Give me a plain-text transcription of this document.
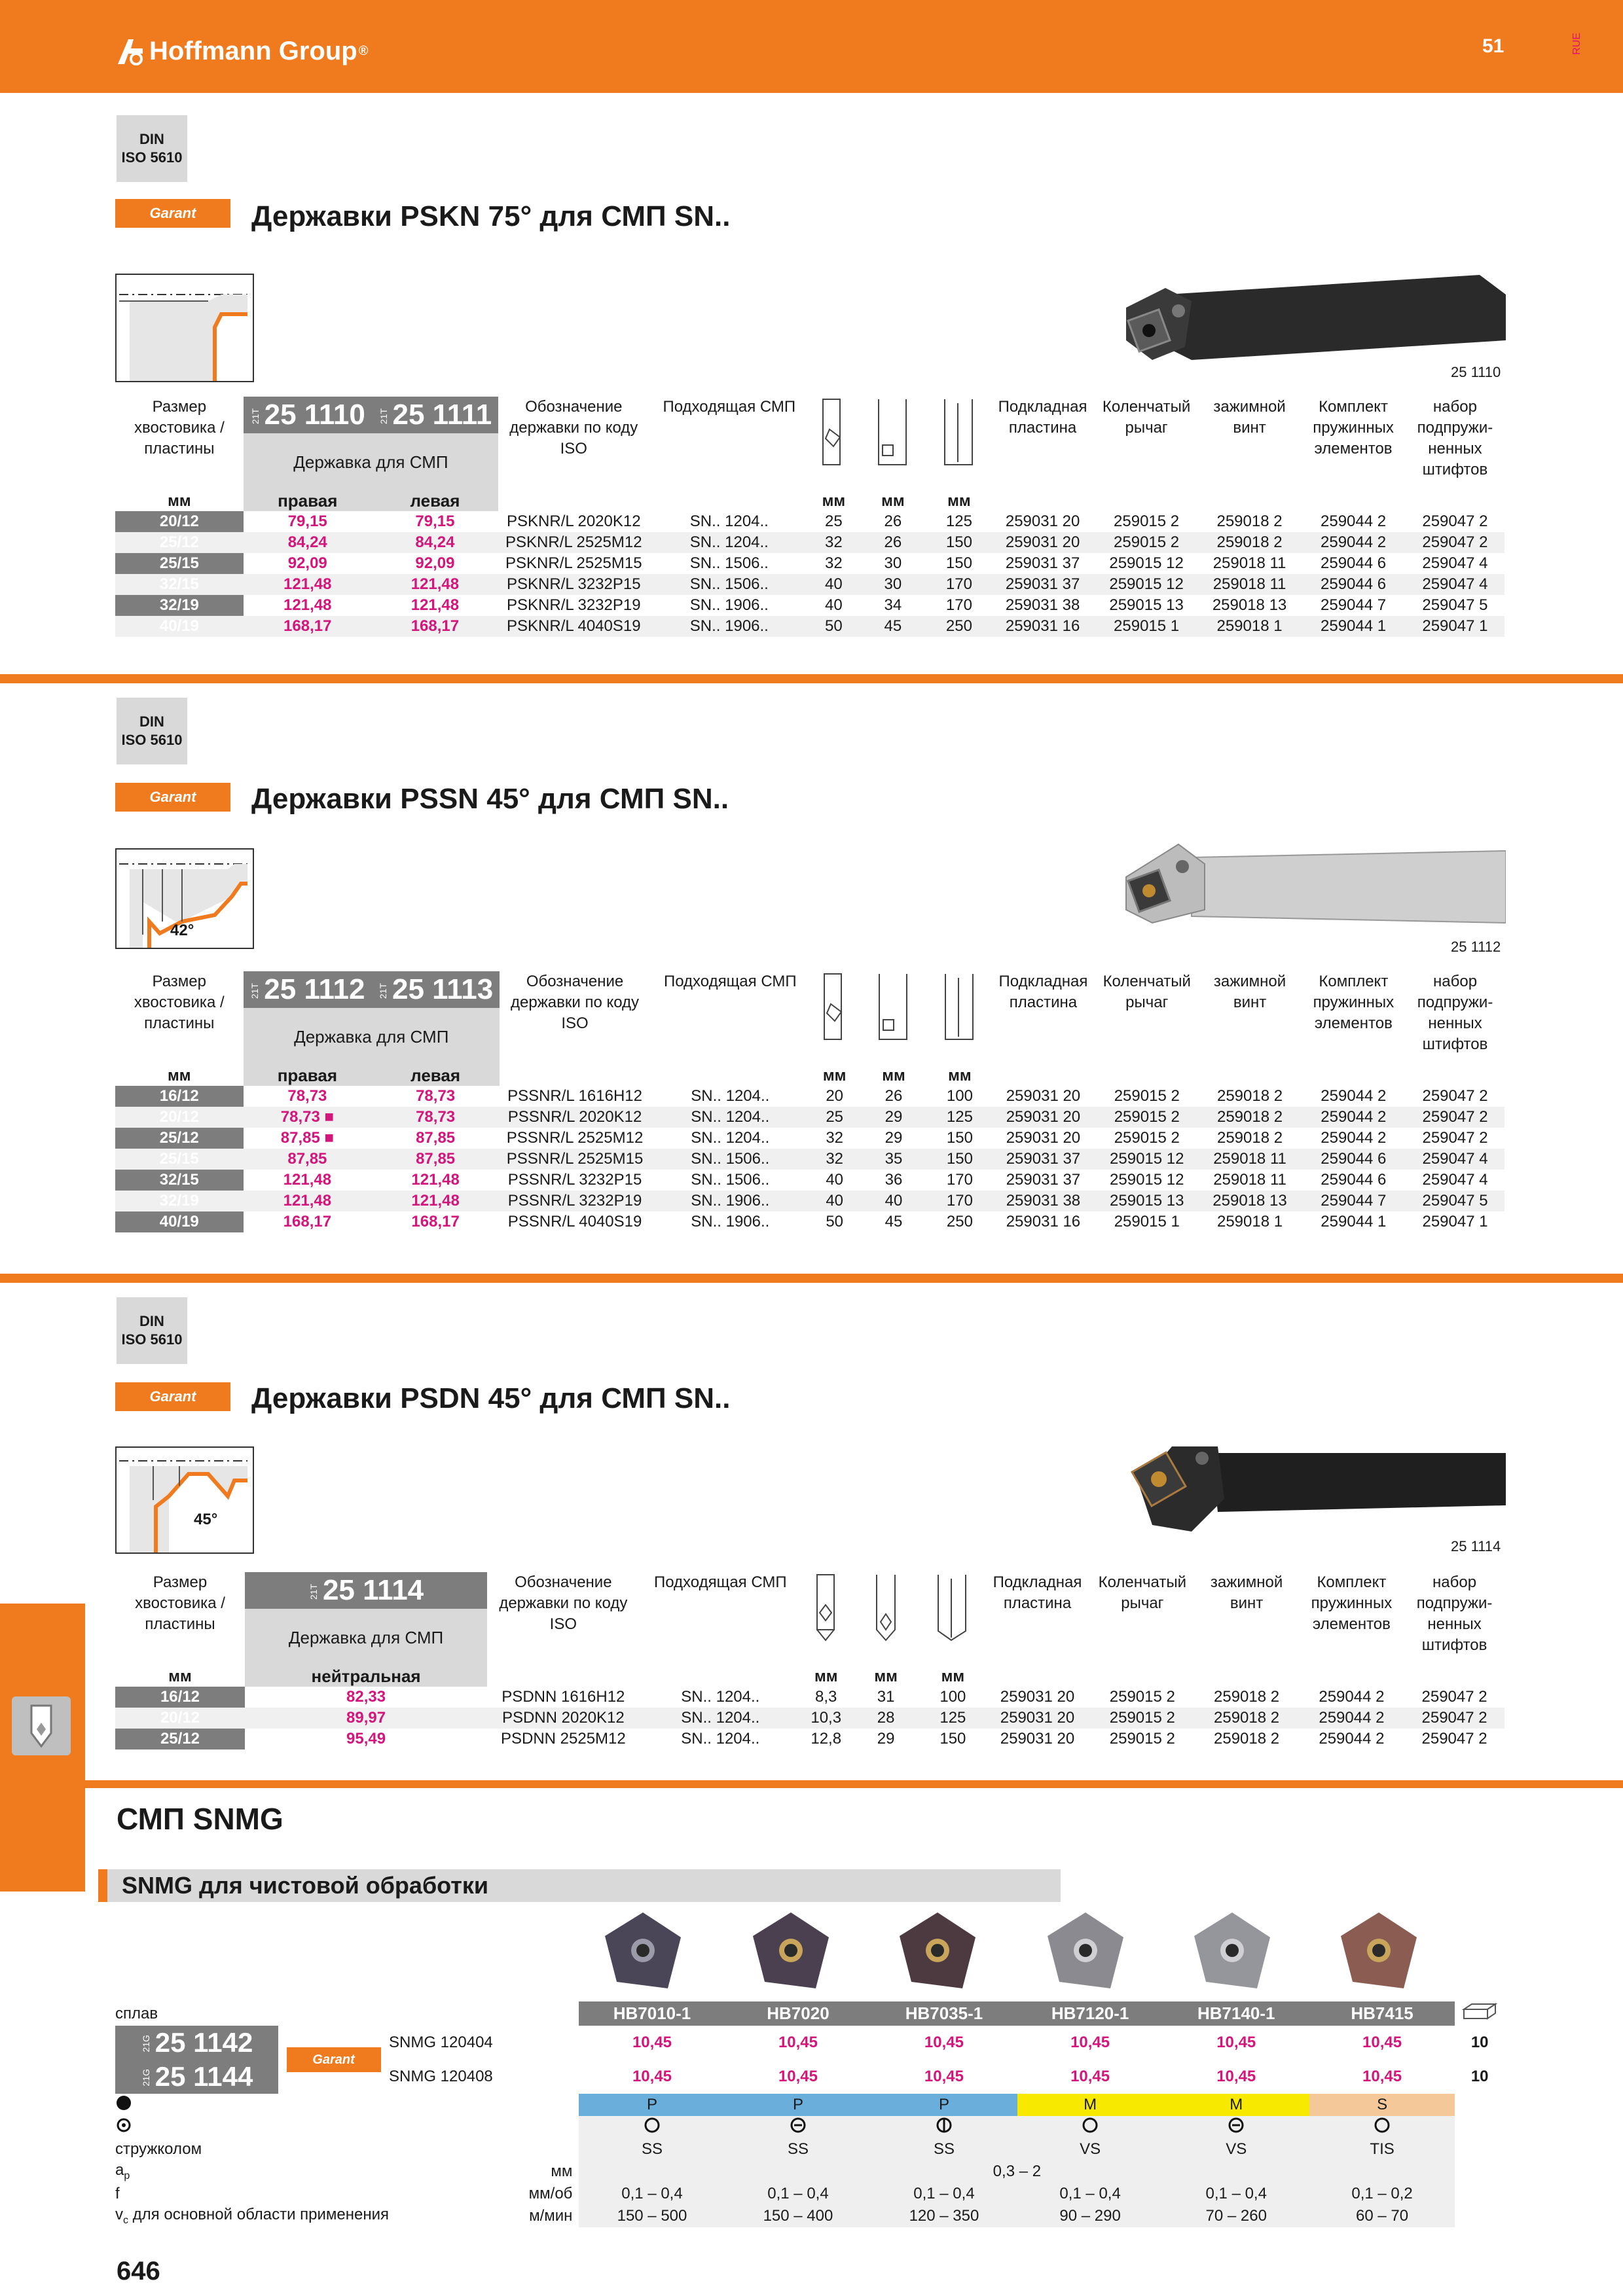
Hoffmann Group ®	51	RUE
DIN
ISO 5610
Garant Державки PSKN 75° для СМП SN..
25 1110
Размер хвостовика / пластины	21T 25 1110	21T 25 1111	Обозначение державки по коду ISO	Подходящая СМП				Подкладная пластина	Коленчатый рычаг	зажимной винт	Комплект пружинных элементов	набор подпружи-ненных штифтов
	Державка для СМП											
мм	правая	левая			мм	мм	мм					
20/12	79,15	79,15	PSKNR/L 2020K12	SN.. 1204..	25	26	125	259031 20	259015 2	259018 2	259044 2	259047 2
25/12	84,24	84,24	PSKNR/L 2525M12	SN.. 1204..	32	26	150	259031 20	259015 2	259018 2	259044 2	259047 2
25/15	92,09	92,09	PSKNR/L 2525M15	SN.. 1506..	32	30	150	259031 37	259015 12	259018 11	259044 6	259047 4
32/15	121,48	121,48	PSKNR/L 3232P15	SN.. 1506..	40	30	170	259031 37	259015 12	259018 11	259044 6	259047 4
32/19	121,48	121,48	PSKNR/L 3232P19	SN.. 1906..	40	34	170	259031 38	259015 13	259018 13	259044 7	259047 5
40/19	168,17	168,17	PSKNR/L 4040S19	SN.. 1906..	50	45	250	259031 16	259015 1	259018 1	259044 1	259047 1
DIN
ISO 5610
Garant Державки PSSN 45° для СМП SN..
42°
25 1112
Размер хвостовика / пластины	21T 25 1112	21T 25 1113	Обозначение державки по коду ISO	Подходящая СМП				Подкладная пластина	Коленчатый рычаг	зажимной винт	Комплект пружинных элементов	набор подпружи-ненных штифтов
	Державка для СМП											
мм	правая	левая			мм	мм	мм					
16/12	78,73	78,73	PSSNR/L 1616H12	SN.. 1204..	20	26	100	259031 20	259015 2	259018 2	259044 2	259047 2
20/12	78,73 ■	78,73	PSSNR/L 2020K12	SN.. 1204..	25	29	125	259031 20	259015 2	259018 2	259044 2	259047 2
25/12	87,85 ■	87,85	PSSNR/L 2525M12	SN.. 1204..	32	29	150	259031 20	259015 2	259018 2	259044 2	259047 2
25/15	87,85	87,85	PSSNR/L 2525M15	SN.. 1506..	32	35	150	259031 37	259015 12	259018 11	259044 6	259047 4
32/15	121,48	121,48	PSSNR/L 3232P15	SN.. 1506..	40	36	170	259031 37	259015 12	259018 11	259044 6	259047 4
32/19	121,48	121,48	PSSNR/L 3232P19	SN.. 1906..	40	40	170	259031 38	259015 13	259018 13	259044 7	259047 5
40/19	168,17	168,17	PSSNR/L 4040S19	SN.. 1906..	50	45	250	259031 16	259015 1	259018 1	259044 1	259047 1
DIN
ISO 5610
Garant Державки PSDN 45° для СМП SN..
45°
25 1114
Размер хвостовика / пластины	21T 25 1114	Обозначение державки по коду ISO	Подходящая СМП				Подкладная пластина	Коленчатый рычаг	зажимной винт	Комплект пружинных элементов	набор подпружи-ненных штифтов
	Державка для СМП										
мм	нейтральная			мм	мм	мм					
16/12	82,33	PSDNN 1616H12	SN.. 1204..	8,3	31	100	259031 20	259015 2	259018 2	259044 2	259047 2
20/12	89,97	PSDNN 2020K12	SN.. 1204..	10,3	28	125	259031 20	259015 2	259018 2	259044 2	259047 2
25/12	95,49	PSDNN 2525M12	SN.. 1204..	12,8	29	150	259031 20	259015 2	259018 2	259044 2	259047 2
СМП SNMG
SNMG для чистовой обработки
сплав			HB7010-1	HB7020	HB7035-1	HB7120-1	HB7140-1	HB7415	
21G 25 1142	Garant	SNMG 120404	10,45	10,45	10,45	10,45	10,45	10,45	10
21G 25 1144		SNMG 120408	10,45	10,45	10,45	10,45	10,45	10,45	10
	P	P	P	M	M	S	

стружколом			SS	SS	SS	VS	VS	TIS	
$a_p$		мм	0,3 – 2						
f		мм/об	0,1 – 0,4	0,1 – 0,4	0,1 – 0,4	0,1 – 0,4	0,1 – 0,4	0,1 – 0,2	
$v_c$ для основной области применения		м/мин	150 – 500	150 – 400	120 – 350	90 – 290	70 – 260	60 – 70	
646
